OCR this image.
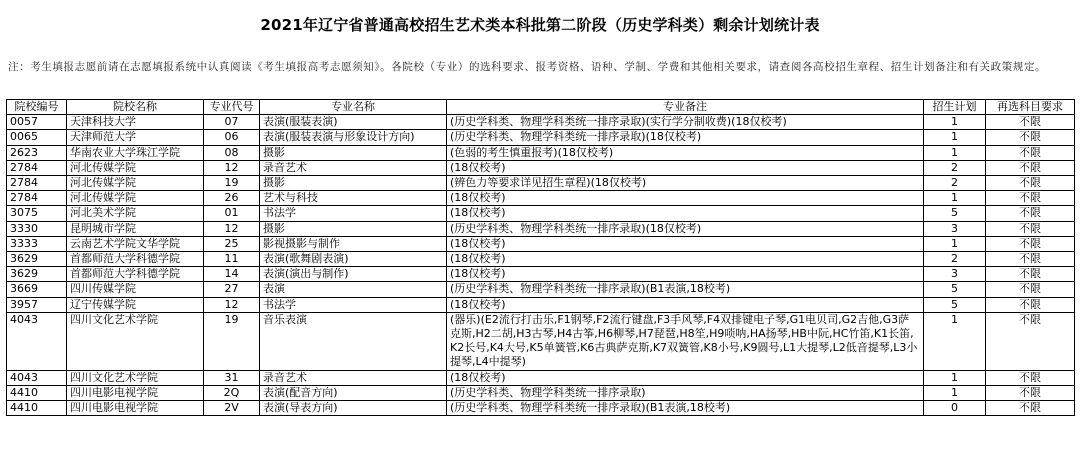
2021年辽宁省普通高校招生艺术类本科批第二阶段（历史学科类）剩余计划统计表
注：考生填报志愿前请在志愿填报系统中认真阅读《考生填报高考志愿须知》。各院校（专业）的选科要求、报考资格、语种、学制、学费和其他相关要求，请查阅各高校招生章程、招生计划备注和有关政策规定。
院校编号	院校名称	专业代号	专业名称	专业备注	招生计划	再选科目要求
0057	天津科技大学	07	表演(服装表演)	(历史学科类、物理学科类统一排序录取)(实行学分制收费)(18仅校考)	1	不限
0065	天津师范大学	06	表演(服装表演与形象设计方向)	(历史学科类、物理学科类统一排序录取)(18仅校考)	1	不限
2623	华南农业大学珠江学院	08	摄影	(色弱的考生慎重报考)(18仅校考)	1	不限
2784	河北传媒学院	12	录音艺术	(18仅校考)	2	不限
2784	河北传媒学院	19	摄影	(辨色力等要求详见招生章程)(18仅校考)	2	不限
2784	河北传媒学院	26	艺术与科技	(18仅校考)	1	不限
3075	河北美术学院	01	书法学	(18仅校考)	5	不限
3330	昆明城市学院	12	摄影	(历史学科类、物理学科类统一排序录取)(18仅校考)	3	不限
3333	云南艺术学院文华学院	25	影视摄影与制作	(18仅校考)	1	不限
3629	首都师范大学科德学院	11	表演(歌舞剧表演)	(18仅校考)	2	不限
3629	首都师范大学科德学院	14	表演(演出与制作)	(18仅校考)	3	不限
3669	四川传媒学院	27	表演	(历史学科类、物理学科类统一排序录取)(B1表演,18校考)	5	不限
3957	辽宁传媒学院	12	书法学	(18仅校考)	5	不限
4043	四川文化艺术学院	19	音乐表演	(器乐)(E2流行打击乐,F1钢琴,F2流行键盘,F3手风琴,F4双排键电子琴,G1电贝司,G2吉他,G3萨克斯,H2二胡,H3古琴,H4古筝,H6柳琴,H7琵琶,H8笙,H9唢呐,HA扬琴,HB中阮,HC竹笛,K1长笛,K2长号,K4大号,K5单簧管,K6古典萨克斯,K7双簧管,K8小号,K9圆号,L1大提琴,L2低音提琴,L3小提琴,L4中提琴)	1	不限
4043	四川文化艺术学院	31	录音艺术	(18仅校考)	1	不限
4410	四川电影电视学院	2Q	表演(配音方向)	(历史学科类、物理学科类统一排序录取)	1	不限
4410	四川电影电视学院	2V	表演(导表方向)	(历史学科类、物理学科类统一排序录取)(B1表演,18校考)	0	不限
